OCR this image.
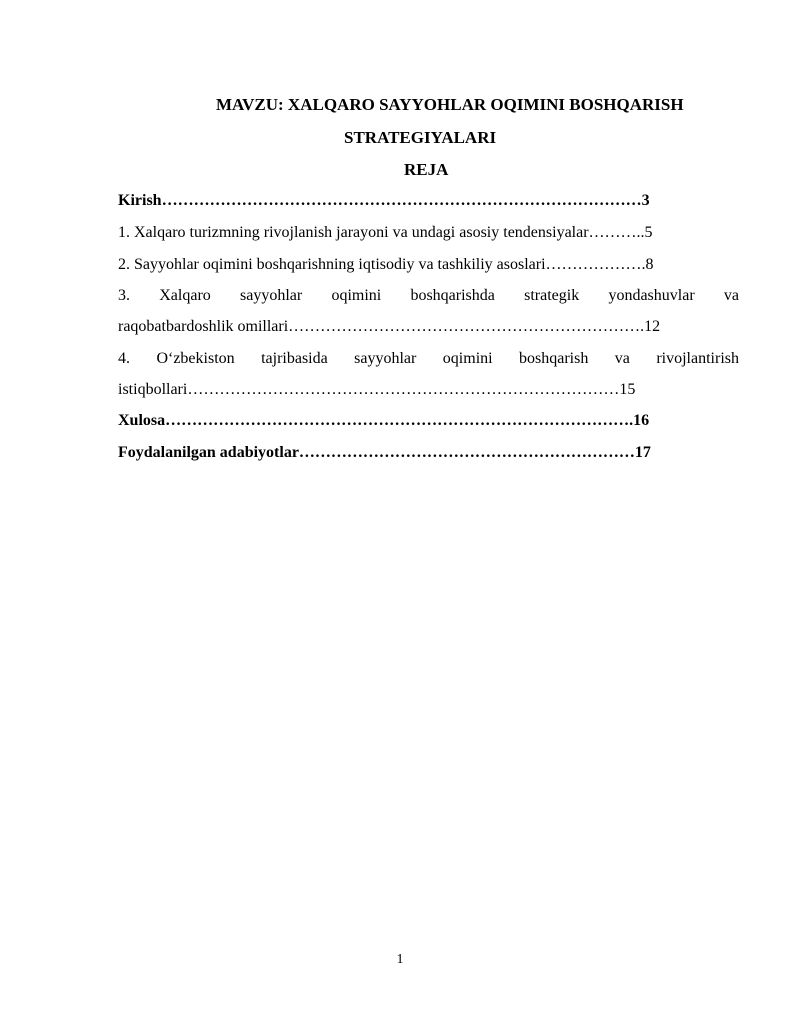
MAVZU: XALQARO SAYYOHLAR OQIMINI BOSHQARISH
STRATEGIYALARI
REJA
Kirish………………………………………………………………………………3
1. Xalqaro turizmning rivojlanish jarayoni va undagi asosiy tendensiyalar………..5
2. Sayyohlar oqimini boshqarishning iqtisodiy va tashkiliy asoslari……………….8
3. Xalqaro sayyohlar oqimini boshqarishda strategik yondashuvlar va
raqobatbardoshlik omillari………………………………………………………….12
4. O‘zbekiston tajribasida sayyohlar oqimini boshqarish va rivojlantirish
istiqbollari………………………………………………………………………15
Xulosa…………………………………………………………………………….16
Foydalanilgan adabiyotlar………………………………………………………17
1
